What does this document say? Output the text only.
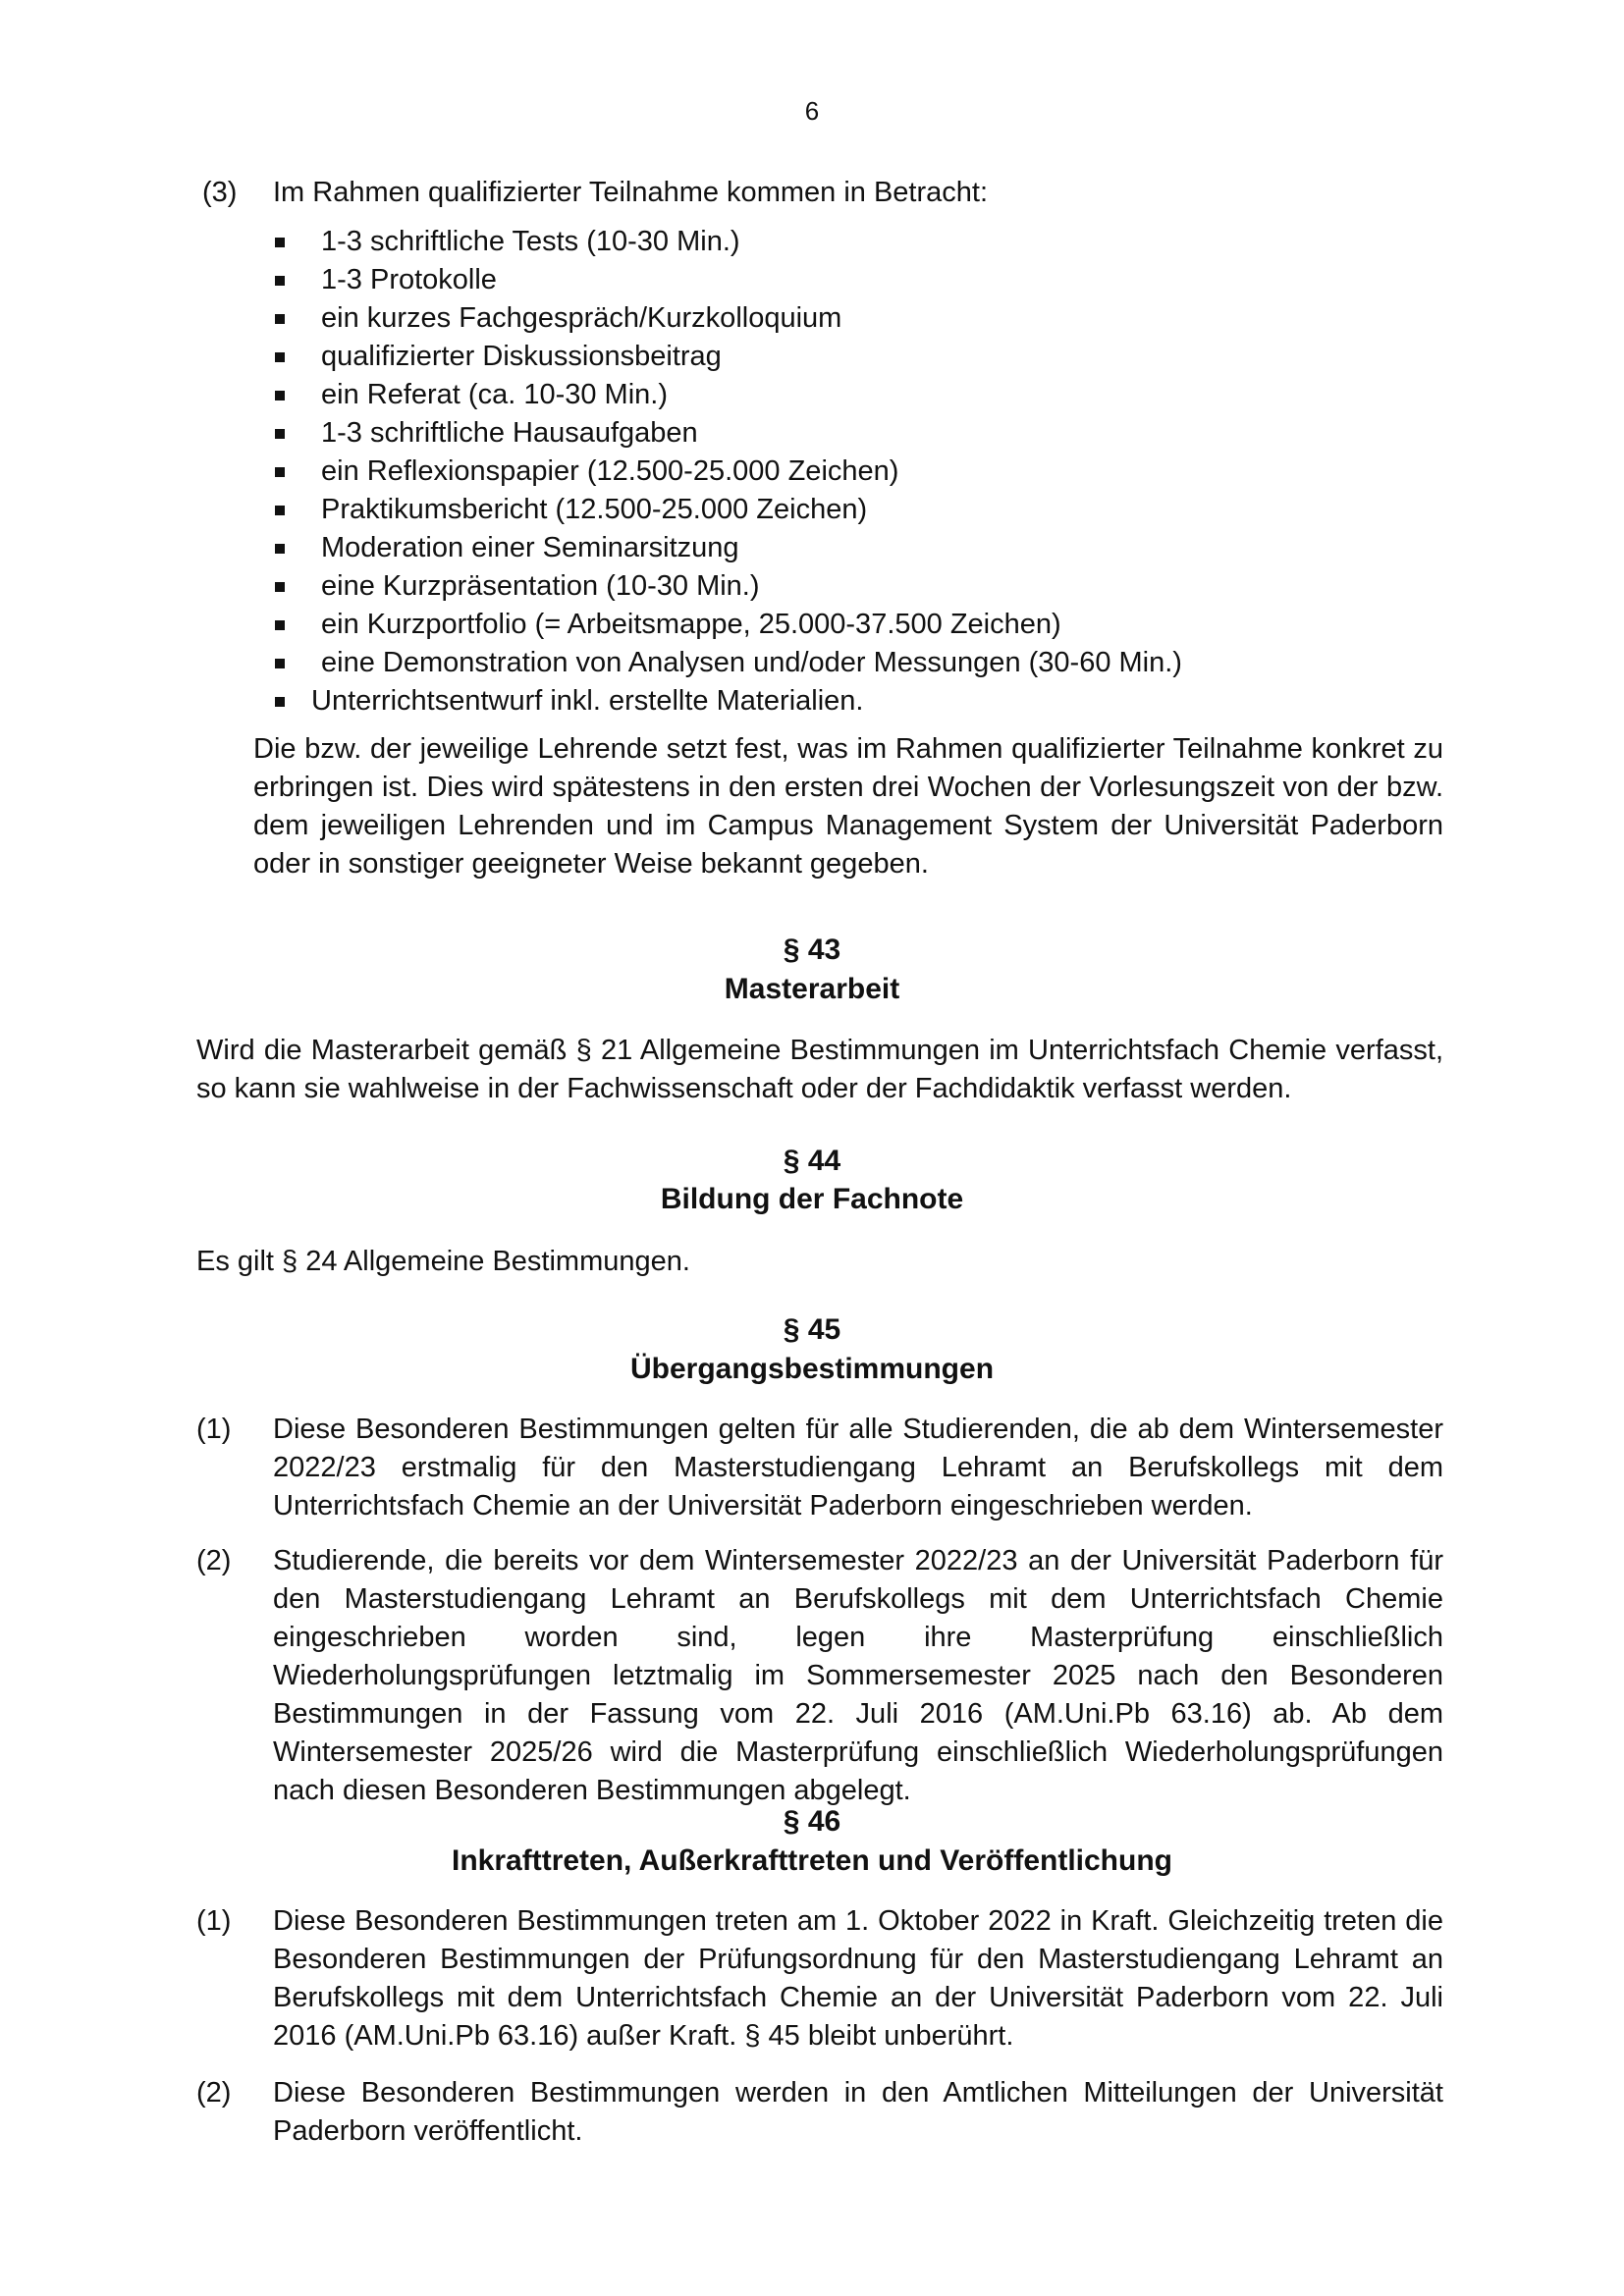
6
(3) Im Rahmen qualifizierter Teilnahme kommen in Betracht:
1-3 schriftliche Tests (10-30 Min.)
1-3 Protokolle
ein kurzes Fachgespräch/Kurzkolloquium
qualifizierter Diskussionsbeitrag
ein Referat (ca. 10-30 Min.)
1-3 schriftliche Hausaufgaben
ein Reflexionspapier (12.500-25.000 Zeichen)
Praktikumsbericht (12.500-25.000 Zeichen)
Moderation einer Seminarsitzung
eine Kurzpräsentation (10-30 Min.)
ein Kurzportfolio (= Arbeitsmappe, 25.000-37.500 Zeichen)
eine Demonstration von Analysen und/oder Messungen (30-60 Min.)
Unterrichtsentwurf inkl. erstellte Materialien.
Die bzw. der jeweilige Lehrende setzt fest, was im Rahmen qualifizierter Teilnahme konkret zu erbringen ist. Dies wird spätestens in den ersten drei Wochen der Vorlesungszeit von der bzw. dem jeweiligen Lehrenden und im Campus Management System der Universität Paderborn oder in sonstiger geeigneter Weise bekannt gegeben.
§ 43
Masterarbeit
Wird die Masterarbeit gemäß § 21 Allgemeine Bestimmungen im Unterrichtsfach Chemie verfasst, so kann sie wahlweise in der Fachwissenschaft oder der Fachdidaktik verfasst werden.
§ 44
Bildung der Fachnote
Es gilt § 24 Allgemeine Bestimmungen.
§ 45
Übergangsbestimmungen
(1) Diese Besonderen Bestimmungen gelten für alle Studierenden, die ab dem Wintersemester 2022/23 erstmalig für den Masterstudiengang Lehramt an Berufskollegs mit dem Unterrichtsfach Chemie an der Universität Paderborn eingeschrieben werden.
(2) Studierende, die bereits vor dem Wintersemester 2022/23 an der Universität Paderborn für den Masterstudiengang Lehramt an Berufskollegs mit dem Unterrichtsfach Chemie eingeschrieben worden sind, legen ihre Masterprüfung einschließlich Wiederholungsprüfungen letztmalig im Sommersemester 2025 nach den Besonderen Bestimmungen in der Fassung vom 22. Juli 2016 (AM.Uni.Pb 63.16) ab. Ab dem Wintersemester 2025/26 wird die Masterprüfung einschließlich Wiederholungsprüfungen nach diesen Besonderen Bestimmungen abgelegt.
§ 46
Inkrafttreten, Außerkrafttreten und Veröffentlichung
(1) Diese Besonderen Bestimmungen treten am 1. Oktober 2022 in Kraft. Gleichzeitig treten die Besonderen Bestimmungen der Prüfungsordnung für den Masterstudiengang Lehramt an Berufskollegs mit dem Unterrichtsfach Chemie an der Universität Paderborn vom 22. Juli 2016 (AM.Uni.Pb 63.16) außer Kraft. § 45 bleibt unberührt.
(2) Diese Besonderen Bestimmungen werden in den Amtlichen Mitteilungen der Universität Paderborn veröffentlicht.
